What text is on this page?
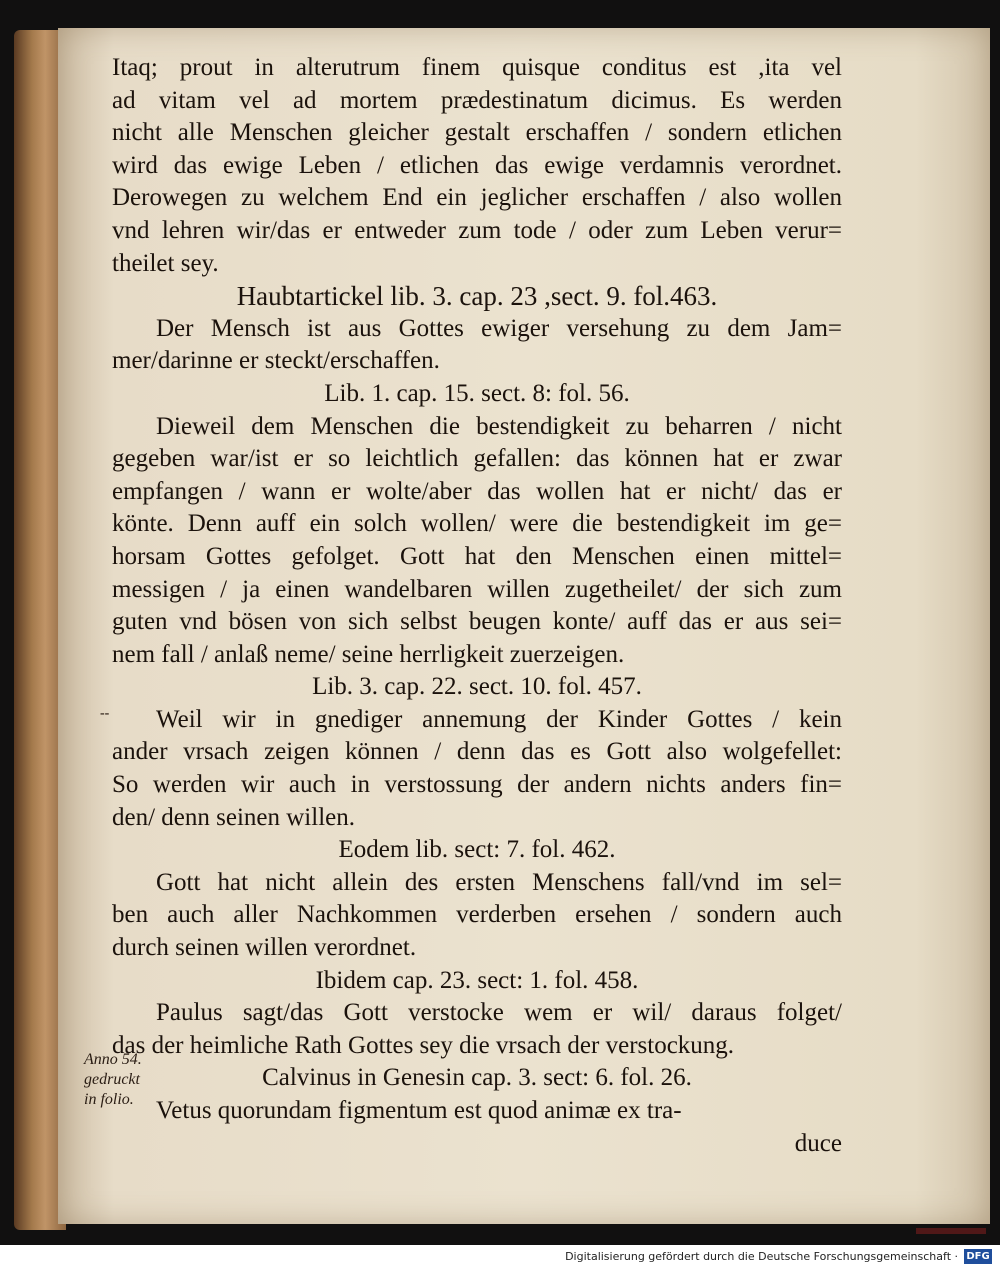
Itaq; prout in alterutrum finem quisque conditus est ,ita vel
ad vitam vel ad mortem prædestinatum dicimus. Es werden
nicht alle Menschen gleicher gestalt erschaffen / sondern etlichen
wird das ewige Leben / etlichen das ewige verdamnis verordnet.
Derowegen zu welchem End ein jeglicher erschaffen / also wollen
vnd lehren wir/das er entweder zum tode / oder zum Leben verur=
theilet sey.
Haubtartickel lib. 3. cap. 23 ,sect. 9. fol.463.
Der Mensch ist aus Gottes ewiger versehung zu dem Jam=
mer/darinne er steckt/erschaffen.
Lib. 1. cap. 15. sect. 8: fol. 56.
Dieweil dem Menschen die bestendigkeit zu beharren / nicht
gegeben war/ist er so leichtlich gefallen: das können hat er zwar
empfangen / wann er wolte/aber das wollen hat er nicht/ das er
könte. Denn auff ein solch wollen/ were die bestendigkeit im ge=
horsam Gottes gefolget. Gott hat den Menschen einen mittel=
messigen / ja einen wandelbaren willen zugetheilet/ der sich zum
guten vnd bösen von sich selbst beugen konte/ auff das er aus sei=
nem fall / anlaß neme/ seine herrligkeit zuerzeigen.
Lib. 3. cap. 22. sect. 10. fol. 457.
Weil wir in gnediger annemung der Kinder Gottes / kein
ander vrsach zeigen können / denn das es Gott also wolgefellet:
So werden wir auch in verstossung der andern nichts anders fin=
den/ denn seinen willen.
Eodem lib. sect: 7. fol. 462.
Gott hat nicht allein des ersten Menschens fall/vnd im sel=
ben auch aller Nachkommen verderben ersehen / sondern auch
durch seinen willen verordnet.
Ibidem cap. 23. sect: 1. fol. 458.
Paulus sagt/das Gott verstocke wem er wil/ daraus folget/
das der heimliche Rath Gottes sey die vrsach der verstockung.
Calvinus in Genesin cap. 3. sect: 6. fol. 26.
Vetus quorundam figmentum est quod animæ ex tra-
duce
--
Anno 54.
gedruckt
in folio.
Digitalisierung gefördert durch die Deutsche Forschungsgemeinschaft · DFG
